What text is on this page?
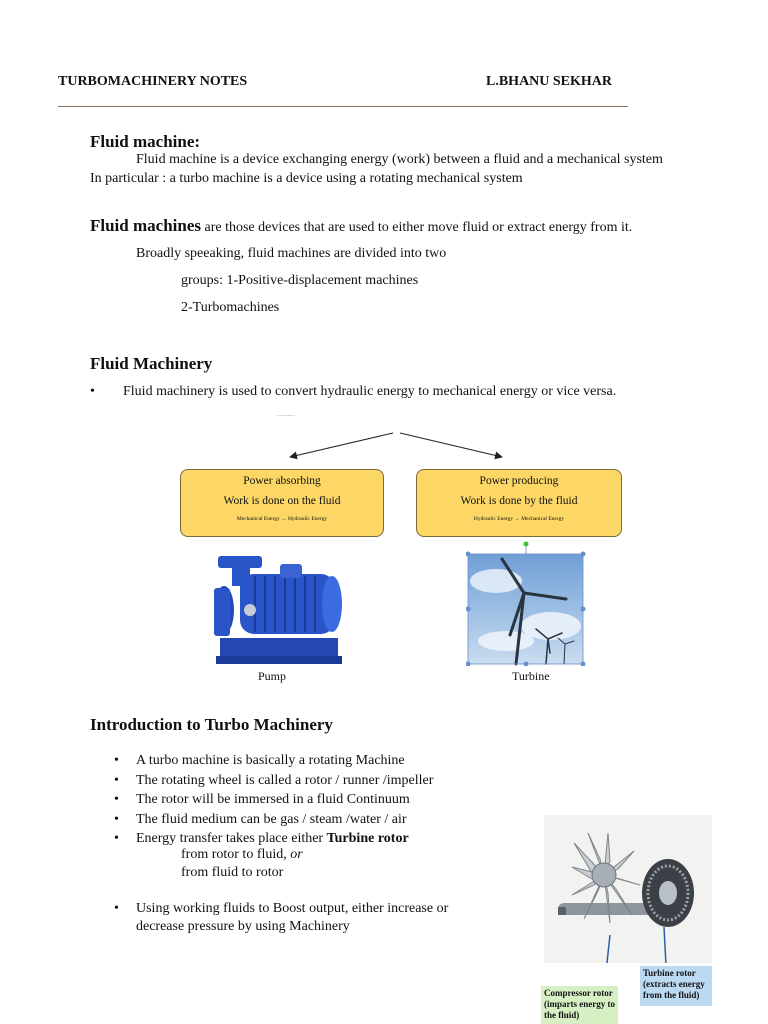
TURBOMACHINERY NOTES	L.BHANU SEKHAR
Fluid machine:
Fluid machine is a device exchanging energy (work) between a fluid and a mechanical system
In particular : a turbo machine is a device using a rotating mechanical system
Fluid machines are those devices that are used to either move fluid or extract energy from it.
Broadly speeaking, fluid machines are divided into two
groups: 1-Positive-displacement machines
2-Turbomachines
Fluid Machinery
• Fluid machinery is used to convert hydraulic energy to mechanical energy or vice versa.
............
Power absorbing
Work is done on the fluid
Mechanical Energy → Hydraulic Energy
Power producing
Work is done by the fluid
Hydraulic Energy → Mechanical Energy
Pump	Turbine
Introduction to Turbo Machinery
• A turbo machine is basically a rotating Machine
• The rotating wheel is called a rotor / runner /impeller
• The rotor will be immersed in a fluid Continuum
• The fluid medium can be gas / steam /water / air
• Energy transfer takes place either Turbine rotor
from rotor to fluid, or
from fluid to rotor
• Using working fluids to Boost output, either increase or
decrease pressure by using Machinery
Compressor rotor (imparts energy to the fluid)
Turbine rotor (extracts energy from the fluid)
